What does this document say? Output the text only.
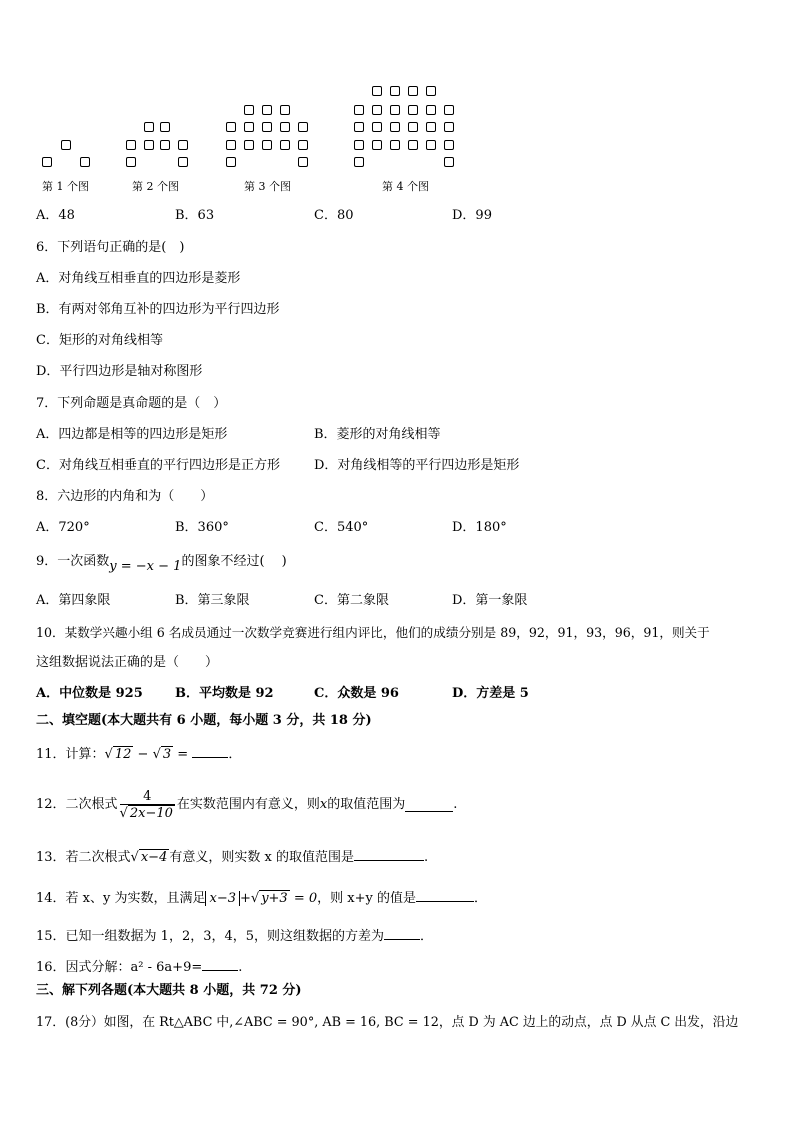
第 1 个图	第 2 个图	第 3 个图	第 4 个图
A．48	B．63	C．80	D．99
6．下列语句正确的是(　)
A．对角线互相垂直的四边形是菱形
B．有两对邻角互补的四边形为平行四边形
C．矩形的对角线相等
D．平行四边形是轴对称图形
7．下列命题是真命题的是（　）
A．四边都是相等的四边形是矩形	B．菱形的对角线相等
C．对角线互相垂直的平行四边形是正方形	D．对角线相等的平行四边形是矩形
8．六边形的内角和为（　　）
A．720°	B．360°	C．540°	D．180°
9．一次函数y = −x − 1的图象不经过(　 )
A．第四象限	B．第三象限	C．第二象限	D．第一象限
10．某数学兴趣小组 6 名成员通过一次数学竞赛进行组内评比，他们的成绩分别是 89，92，91，93，96，91，则关于
这组数据说法正确的是（　　）
A．中位数是 925 B．平均数是 92	C．众数是 96	D．方差是 5
二、填空题(本大题共有 6 小题，每小题 3 分，共 18 分)
11．计算：√ 12 − √ 3 =	．
12．二次根式 $\frac{4}{√ 2x-10}$ 在实数范围内有意义，则 x 的取值范围为	.
13．若二次根式√ x−4 有意义，则实数 x 的取值范围是	.
14．若 x、y 为实数，且满足 x−3 +√ y+3 = 0，则 x+y 的值是	．
15．已知一组数据为 1，2，3，4，5，则这组数据的方差为	．
16．因式分解：a² - 6a+9=	.
三、解下列各题(本大题共 8 小题，共 72 分)
17．(8分）如图，在 Rt△ABC 中,∠ABC = 90°, AB = 16, BC = 12，点 D 为 AC 边上的动点，点 D 从点 C 出发，沿边
